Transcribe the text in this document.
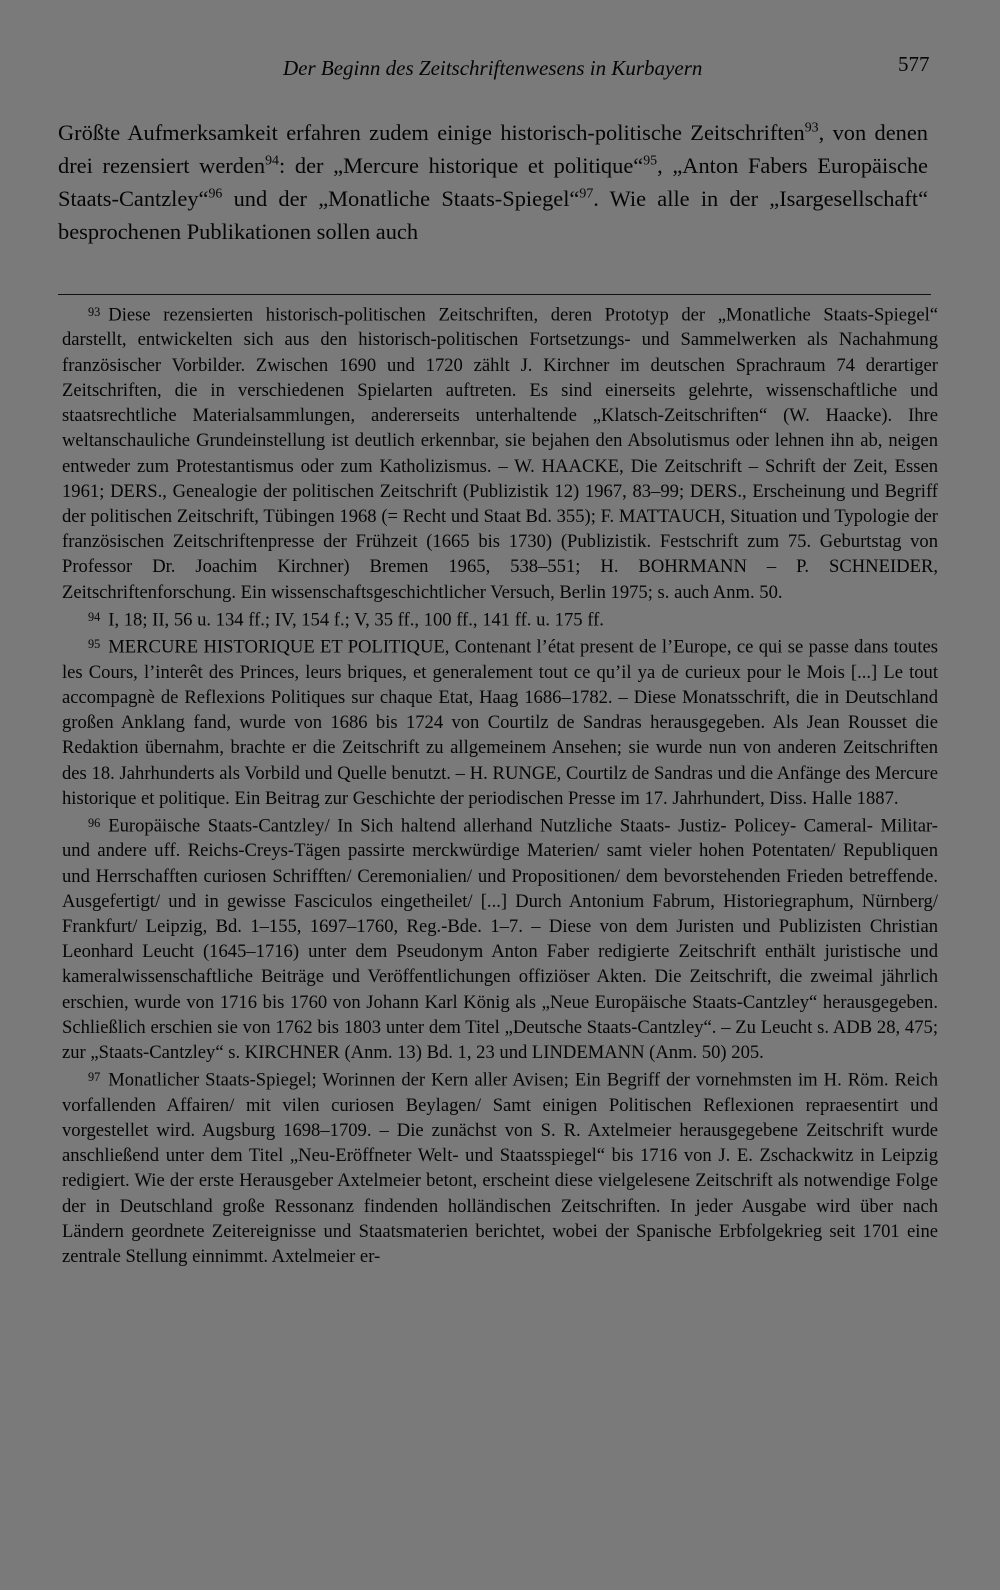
Der Beginn des Zeitschriftenwesens in Kurbayern	577

Größte Aufmerksamkeit erfahren zudem einige historisch-politische Zeitschriften$^{93}$, von denen drei rezensiert werden$^{94}$: der „Mercure historique et politique“$^{95}$, „Anton Fabers Europäische Staats-Cantzley“$^{96}$ und der „Monatliche Staats-Spiegel“$^{97}$. Wie alle in der „Isargesellschaft“ besprochenen Publikationen sollen auch

$^{93}$ Diese rezensierten historisch-politischen Zeitschriften, deren Prototyp der „Monatliche Staats-Spiegel“ darstellt, entwickelten sich aus den historisch-politischen Fortsetzungs- und Sammelwerken als Nachahmung französischer Vorbilder. Zwischen 1690 und 1720 zählt J. Kirchner im deutschen Sprachraum 74 derartiger Zeitschriften, die in verschiedenen Spielarten auftreten. Es sind einerseits gelehrte, wissenschaftliche und staatsrechtliche Materialsammlungen, andererseits unterhaltende „Klatsch-Zeitschriften“ (W. Haacke). Ihre weltanschauliche Grundeinstellung ist deutlich erkennbar, sie bejahen den Absolutismus oder lehnen ihn ab, neigen entweder zum Protestantismus oder zum Katholizismus. – W. HAACKE, Die Zeitschrift – Schrift der Zeit, Essen 1961; DERS., Genealogie der politischen Zeitschrift (Publizistik 12) 1967, 83–99; DERS., Erscheinung und Begriff der politischen Zeitschrift, Tübingen 1968 (= Recht und Staat Bd. 355); F. MATTAUCH, Situation und Typologie der französischen Zeitschriftenpresse der Frühzeit (1665 bis 1730) (Publizistik. Festschrift zum 75. Geburtstag von Professor Dr. Joachim Kirchner) Bremen 1965, 538–551; H. BOHRMANN – P. SCHNEIDER, Zeitschriftenforschung. Ein wissenschaftsgeschichtlicher Versuch, Berlin 1975; s. auch Anm. 50.

$^{94}$ I, 18; II, 56 u. 134 ff.; IV, 154 f.; V, 35 ff., 100 ff., 141 ff. u. 175 ff.

$^{95}$ MERCURE HISTORIQUE ET POLITIQUE, Contenant l’état present de l’Europe, ce qui se passe dans toutes les Cours, l’interêt des Princes, leurs briques, et generalement tout ce qu’il ya de curieux pour le Mois [...] Le tout accompagnè de Reflexions Politiques sur chaque Etat, Haag 1686–1782. – Diese Monatsschrift, die in Deutschland großen Anklang fand, wurde von 1686 bis 1724 von Courtilz de Sandras herausgegeben. Als Jean Rousset die Redaktion übernahm, brachte er die Zeitschrift zu allgemeinem Ansehen; sie wurde nun von anderen Zeitschriften des 18. Jahrhunderts als Vorbild und Quelle benutzt. – H. RUNGE, Courtilz de Sandras und die Anfänge des Mercure historique et politique. Ein Beitrag zur Geschichte der periodischen Presse im 17. Jahrhundert, Diss. Halle 1887.

$^{96}$ Europäische Staats-Cantzley/ In Sich haltend allerhand Nutzliche Staats- Justiz- Policey- Cameral- Militar- und andere uff. Reichs-Creys-Tägen passirte merckwürdige Materien/ samt vieler hohen Potentaten/ Republiquen und Herrschafften curiosen Schrifften/ Ceremonialien/ und Propositionen/ dem bevorstehenden Frieden betreffende. Ausgefertigt/ und in gewisse Fasciculos eingetheilet/ [...] Durch Antonium Fabrum, Historiegraphum, Nürnberg/ Frankfurt/ Leipzig, Bd. 1–155, 1697–1760, Reg.-Bde. 1–7. – Diese von dem Juristen und Publizisten Christian Leonhard Leucht (1645–1716) unter dem Pseudonym Anton Faber redigierte Zeitschrift enthält juristische und kameralwissenschaftliche Beiträge und Veröffentlichungen offiziöser Akten. Die Zeitschrift, die zweimal jährlich erschien, wurde von 1716 bis 1760 von Johann Karl König als „Neue Europäische Staats-Cantzley“ herausgegeben. Schließlich erschien sie von 1762 bis 1803 unter dem Titel „Deutsche Staats-Cantzley“. – Zu Leucht s. ADB 28, 475; zur „Staats-Cantzley“ s. KIRCHNER (Anm. 13) Bd. 1, 23 und LINDEMANN (Anm. 50) 205.

$^{97}$ Monatlicher Staats-Spiegel; Worinnen der Kern aller Avisen; Ein Begriff der vornehmsten im H. Röm. Reich vorfallenden Affairen/ mit vilen curiosen Beylagen/ Samt einigen Politischen Reflexionen repraesentirt und vorgestellet wird. Augsburg 1698–1709. – Die zunächst von S. R. Axtelmeier herausgegebene Zeitschrift wurde anschließend unter dem Titel „Neu-Eröffneter Welt- und Staatsspiegel“ bis 1716 von J. E. Zschackwitz in Leipzig redigiert. Wie der erste Herausgeber Axtelmeier betont, erscheint diese vielgelesene Zeitschrift als notwendige Folge der in Deutschland große Ressonanz findenden holländischen Zeitschriften. In jeder Ausgabe wird über nach Ländern geordnete Zeitereignisse und Staatsmaterien berichtet, wobei der Spanische Erbfolgekrieg seit 1701 eine zentrale Stellung einnimmt. Axtelmeier er-
